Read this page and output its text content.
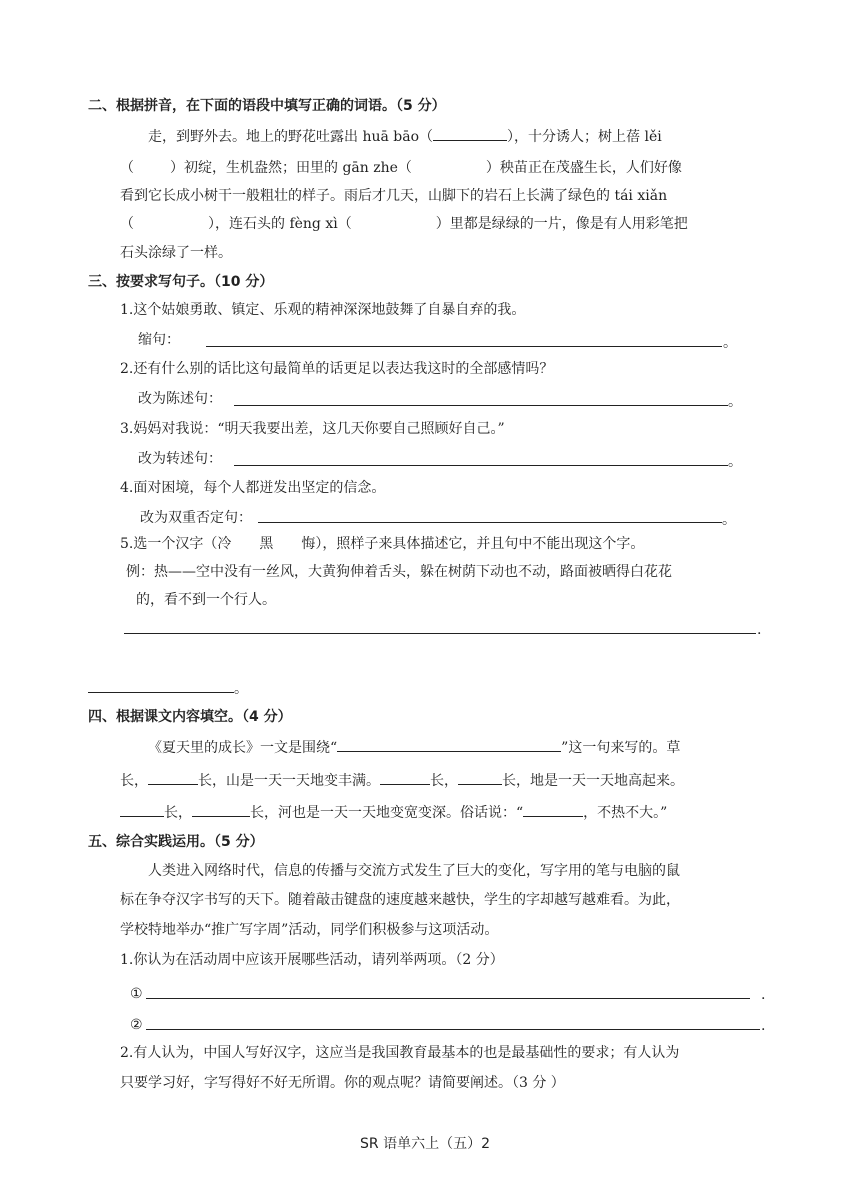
二、根据拼音，在下面的语段中填写正确的词语。（5 分）
走，到野外去。地上的野花吐露出 huā bāo（	），十分诱人；树上蓓 lěi
（	）初绽，生机盎然；田里的 gān zhe（	）秧苗正在茂盛生长，人们好像
看到它长成小树干一般粗壮的样子。雨后才几天，山脚下的岩石上长满了绿色的 tái xiǎn
（	），连石头的 fèng xì（	）里都是绿绿的一片，像是有人用彩笔把
石头涂绿了一样。
三、按要求写句子。（10 分）
1.这个姑娘勇敢、镇定、乐观的精神深深地鼓舞了自暴自弃的我。
缩句：	。
2.还有什么别的话比这句最简单的话更足以表达我这时的全部感情吗？
改为陈述句：	。
3.妈妈对我说：“明天我要出差，这几天你要自己照顾好自己。”
改为转述句：	。
4.面对困境，每个人都迸发出坚定的信念。
改为双重否定句：	。
5.选一个汉字（冷　　黑　　悔），照样子来具体描述它，并且句中不能出现这个字。
例：热——空中没有一丝风，大黄狗伸着舌头，躲在树荫下动也不动，路面被晒得白花花
的，看不到一个行人。
.
。
四、根据课文内容填空。（4 分）
《夏天里的成长》一文是围绕“	”这一句来写的。草
长，	长，山是一天一天地变丰满。	长，	长，地是一天一天地高起来。
长，	长，河也是一天一天地变宽变深。俗话说：“	，不热不大。”
五、综合实践运用。（5 分）
人类进入网络时代，信息的传播与交流方式发生了巨大的变化，写字用的笔与电脑的鼠
标在争夺汉字书写的天下。随着敲击键盘的速度越来越快，学生的字却越写越难看。为此，
学校特地举办“推广写字周”活动，同学们积极参与这项活动。
1.你认为在活动周中应该开展哪些活动，请列举两项。（2 分）
①	.
②	.
2.有人认为，中国人写好汉字，这应当是我国教育最基本的也是最基础性的要求；有人认为
只要学习好，字写得好不好无所谓。你的观点呢？请简要阐述。（3 分 ）
SR 语单六上（五）2
